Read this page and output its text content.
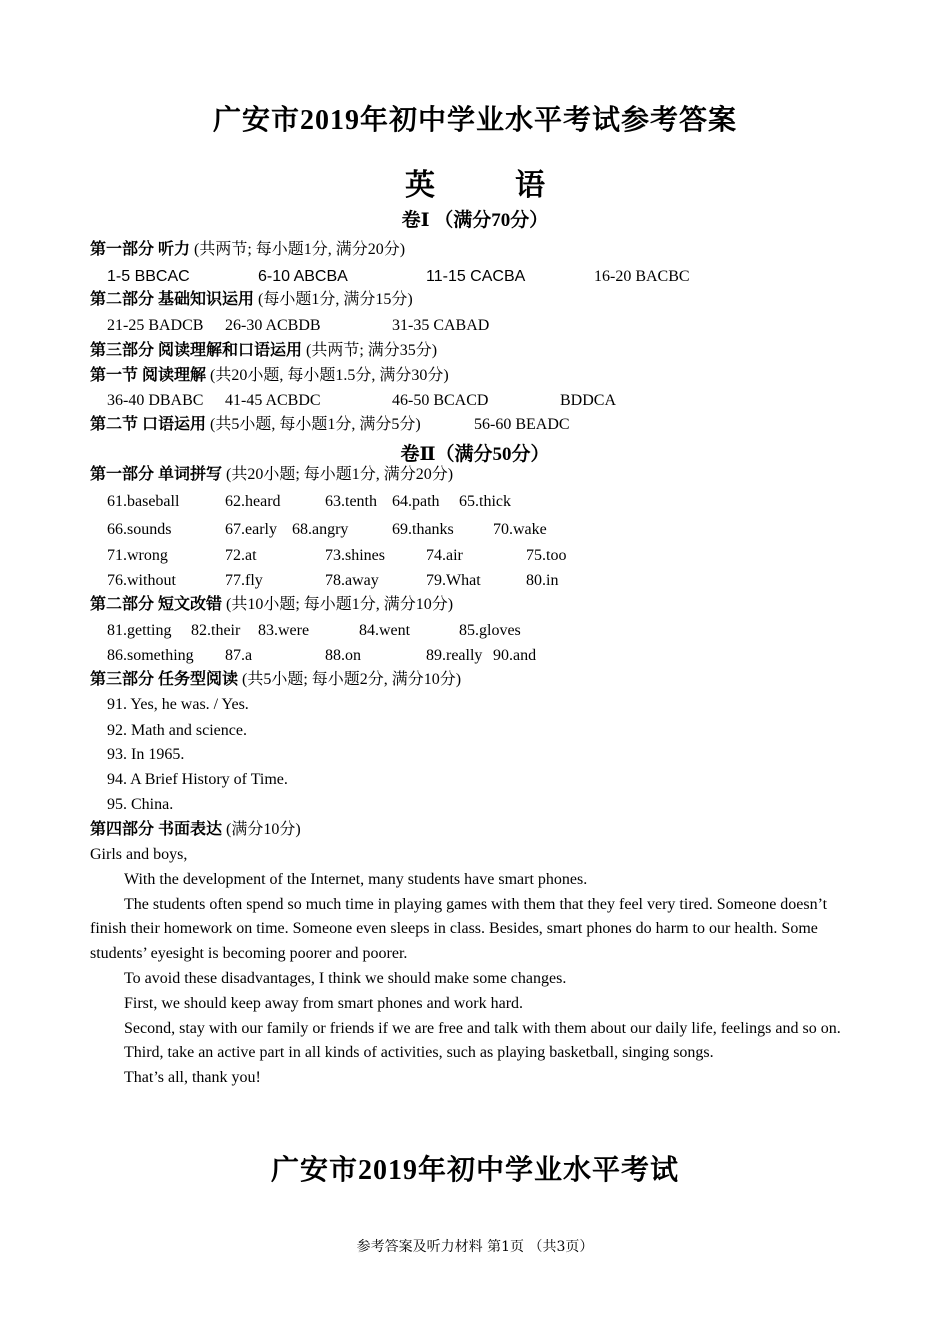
广安市2019年初中学业水平考试参考答案
英	语
卷Ⅰ （满分70分）
第一部分 听力 (共两节; 每小题1分, 满分20分)
1-5 BBCAC	6-10 ABCBA	11-15 CACBA	16-20 BACBC
第二部分 基础知识运用 (每小题1分, 满分15分)
21-25 BADCB 26-30 ACBDB	31-35 CABAD
第三部分 阅读理解和口语运用 (共两节; 满分35分)
第一节 阅读理解 (共20小题, 每小题1.5分, 满分30分)
36-40 DBABC 41-45 ACBDC	46-50 BCACD	BDDCA
第二节 口语运用 (共5小题, 每小题1分, 满分5分)	56-60 BEADC
卷Ⅱ（满分50分）
第一部分 单词拼写 (共20小题; 每小题1分, 满分20分)
61.baseball	62.heard	63.tenth 64.path 65.thick
66.sounds	67.early 68.angry	69.thanks 70.wake
71.wrong	72.at	73.shines	74.air	75.too
76.without	77.fly	78.away	79.What	80.in
第二部分 短文改错 (共10小题; 每小题1分, 满分10分)
81.getting 82.their 83.were	84.went	85.gloves
86.something 87.a	88.on	89.really 90.and
第三部分 任务型阅读 (共5小题; 每小题2分, 满分10分)
91. Yes, he was. / Yes.
92. Math and science.
93. In 1965.
94. A Brief History of Time.
95. China.
第四部分 书面表达 (满分10分)

Girls and boys,

With the development of the Internet, many students have smart phones.

The students often spend so much time in playing games with them that they feel very tired. Someone doesn’t finish their homework on time. Someone even sleeps in class. Besides, smart phones do harm to our health. Some students’ eyesight is becoming poorer and poorer.

To avoid these disadvantages, I think we should make some changes.

First, we should keep away from smart phones and work hard.

Second, stay with our family or friends if we are free and talk with them about our daily life, feelings and so on.

Third, take an active part in all kinds of activities, such as playing basketball, singing songs.

That’s all, thank you!

广安市2019年初中学业水平考试
参考答案及听力材料 第1页 （共3页）
